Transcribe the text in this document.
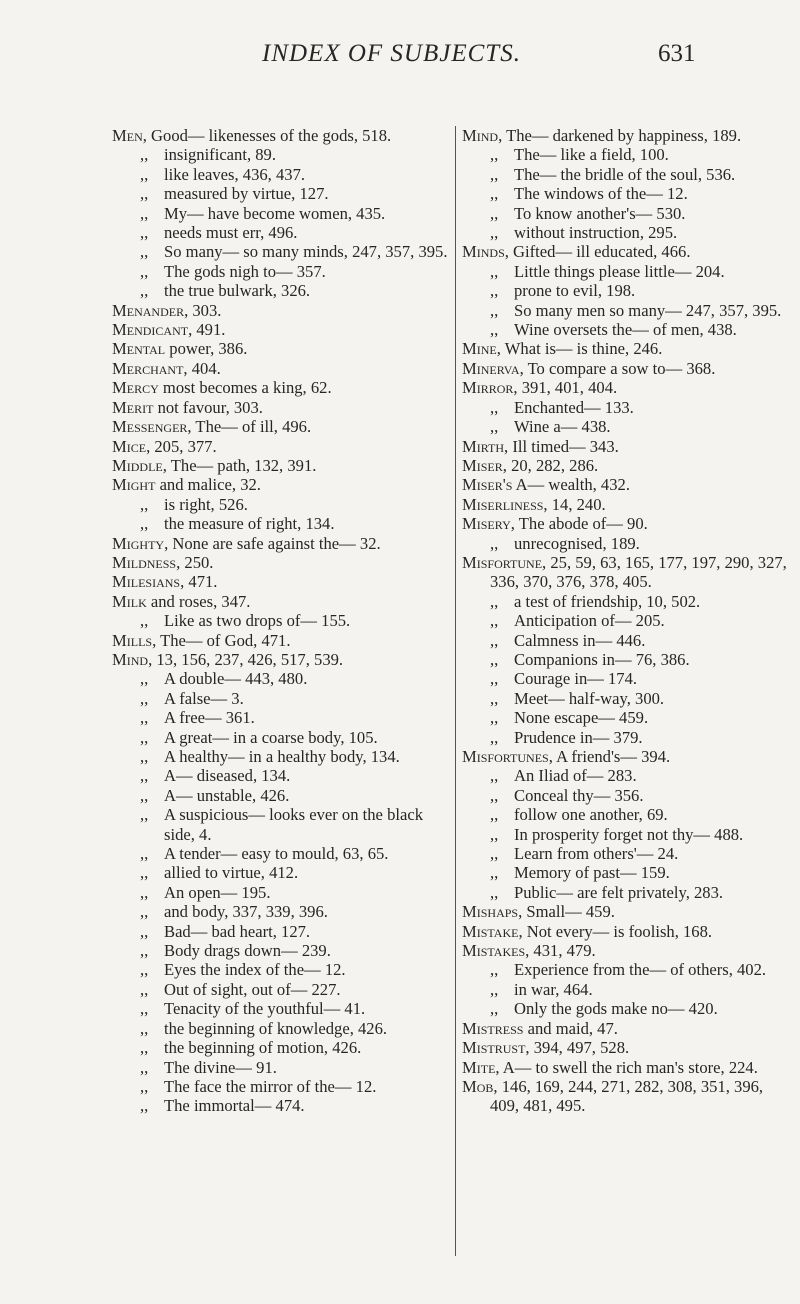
INDEX OF SUBJECTS.	631
Men, Good— likenesses of the gods, 518.
,, insignificant, 89.
,, like leaves, 436, 437.
,, measured by virtue, 127.
,, My— have become women, 435.
,, needs must err, 496.
,, So many— so many minds, 247, 357, 395.
,, The gods nigh to— 357.
,, the true bulwark, 326.
Menander, 303.
Mendicant, 491.
Mental power, 386.
Merchant, 404.
Mercy most becomes a king, 62.
Merit not favour, 303.
Messenger, The— of ill, 496.
Mice, 205, 377.
Middle, The— path, 132, 391.
Might and malice, 32.
,, is right, 526.
,, the measure of right, 134.
Mighty, None are safe against the— 32.
Mildness, 250.
Milesians, 471.
Milk and roses, 347.
,, Like as two drops of— 155.
Mills, The— of God, 471.
Mind, 13, 156, 237, 426, 517, 539.
,, A double— 443, 480.
,, A false— 3.
,, A free— 361.
,, A great— in a coarse body, 105.
,, A healthy— in a healthy body, 134.
,, A— diseased, 134.
,, A— unstable, 426.
,, A suspicious— looks ever on the black side, 4.
,, A tender— easy to mould, 63, 65.
,, allied to virtue, 412.
,, An open— 195.
,, and body, 337, 339, 396.
,, Bad— bad heart, 127.
,, Body drags down— 239.
,, Eyes the index of the— 12.
,, Out of sight, out of— 227.
,, Tenacity of the youthful— 41.
,, the beginning of knowledge, 426.
,, the beginning of motion, 426.
,, The divine— 91.
,, The face the mirror of the— 12.
,, The immortal— 474.
Mind, The— darkened by happiness, 189.
,, The— like a field, 100.
,, The— the bridle of the soul, 536.
,, The windows of the— 12.
,, To know another's— 530.
,, without instruction, 295.
Minds, Gifted— ill educated, 466.
,, Little things please little— 204.
,, prone to evil, 198.
,, So many men so many— 247, 357, 395.
,, Wine oversets the— of men, 438.
Mine, What is— is thine, 246.
Minerva, To compare a sow to— 368.
Mirror, 391, 401, 404.
,, Enchanted— 133.
,, Wine a— 438.
Mirth, Ill timed— 343.
Miser, 20, 282, 286.
Miser's A— wealth, 432.
Miserliness, 14, 240.
Misery, The abode of— 90.
,, unrecognised, 189.
Misfortune, 25, 59, 63, 165, 177, 197, 290, 327, 336, 370, 376, 378, 405.
,, a test of friendship, 10, 502.
,, Anticipation of— 205.
,, Calmness in— 446.
,, Companions in— 76, 386.
,, Courage in— 174.
,, Meet— half-way, 300.
,, None escape— 459.
,, Prudence in— 379.
Misfortunes, A friend's— 394.
,, An Iliad of— 283.
,, Conceal thy— 356.
,, follow one another, 69.
,, In prosperity forget not thy— 488.
,, Learn from others'— 24.
,, Memory of past— 159.
,, Public— are felt privately, 283.
Mishaps, Small— 459.
Mistake, Not every— is foolish, 168.
Mistakes, 431, 479.
,, Experience from the— of others, 402.
,, in war, 464.
,, Only the gods make no— 420.
Mistress and maid, 47.
Mistrust, 394, 497, 528.
Mite, A— to swell the rich man's store, 224.
Mob, 146, 169, 244, 271, 282, 308, 351, 396, 409, 481, 495.
